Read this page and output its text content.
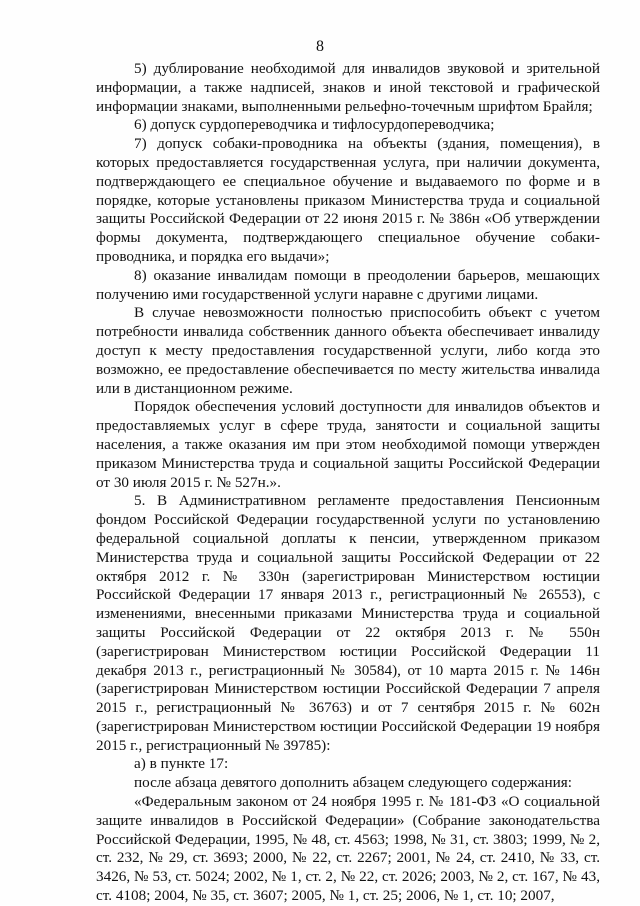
8

5) дублирование необходимой для инвалидов звуковой и зрительной информации, а также надписей, знаков и иной текстовой и графической информации знаками, выполненными рельефно-точечным шрифтом Брайля;

6) допуск сурдопереводчика и тифлосурдопереводчика;

7) допуск собаки-проводника на объекты (здания, помещения), в которых предоставляется государственная услуга, при наличии документа, подтверждающего ее специальное обучение и выдаваемого по форме и в порядке, которые установлены приказом Министерства труда и социальной защиты Российской Федерации от 22 июня 2015 г. № 386н «Об утверждении формы документа, подтверждающего специальное обучение собаки-проводника, и порядка его выдачи»;

8) оказание инвалидам помощи в преодолении барьеров, мешающих получению ими государственной услуги наравне с другими лицами.

В случае невозможности полностью приспособить объект с учетом потребности инвалида собственник данного объекта обеспечивает инвалиду доступ к месту предоставления государственной услуги, либо когда это возможно, ее предоставление обеспечивается по месту жительства инвалида или в дистанционном режиме.

Порядок обеспечения условий доступности для инвалидов объектов и предоставляемых услуг в сфере труда, занятости и социальной защиты населения, а также оказания им при этом необходимой помощи утвержден приказом Министерства труда и социальной защиты Российской Федерации от 30 июля 2015 г. № 527н.».

5. В Административном регламенте предоставления Пенсионным фондом Российской Федерации государственной услуги по установлению федеральной социальной доплаты к пенсии, утвержденном приказом Министерства труда и социальной защиты Российской Федерации от 22 октября 2012 г. № 330н (зарегистрирован Министерством юстиции Российской Федерации 17 января 2013 г., регистрационный № 26553), с изменениями, внесенными приказами Министерства труда и социальной защиты Российской Федерации от 22 октября 2013 г. № 550н (зарегистрирован Министерством юстиции Российской Федерации 11 декабря 2013 г., регистрационный № 30584), от 10 марта 2015 г. № 146н (зарегистрирован Министерством юстиции Российской Федерации 7 апреля 2015 г., регистрационный № 36763) и от 7 сентября 2015 г. № 602н (зарегистрирован Министерством юстиции Российской Федерации 19 ноября 2015 г., регистрационный № 39785):

а) в пункте 17:

после абзаца девятого дополнить абзацем следующего содержания:

«Федеральным законом от 24 ноября 1995 г. № 181-ФЗ «О социальной защите инвалидов в Российской Федерации» (Собрание законодательства Российской Федерации, 1995, № 48, ст. 4563; 1998, № 31, ст. 3803; 1999, № 2, ст. 232, № 29, ст. 3693; 2000, № 22, ст. 2267; 2001, № 24, ст. 2410, № 33, ст. 3426, № 53, ст. 5024; 2002, № 1, ст. 2, № 22, ст. 2026; 2003, № 2, ст. 167, № 43, ст. 4108; 2004, № 35, ст. 3607; 2005, № 1, ст. 25; 2006, № 1, ст. 10; 2007,
